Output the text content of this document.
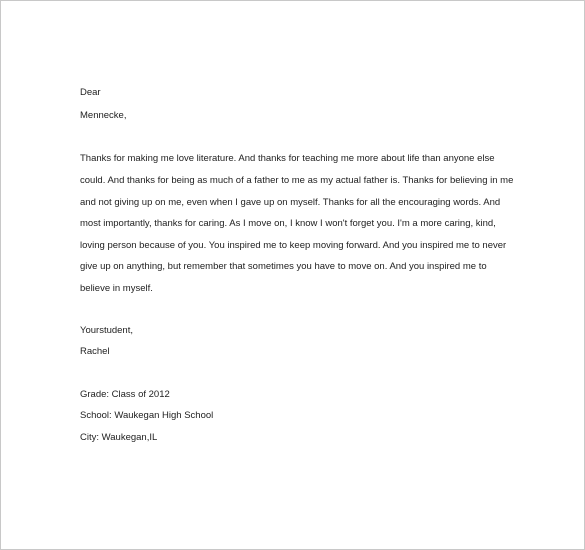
Dear
Mennecke,
Thanks for making me love literature. And thanks for teaching me more about life than anyone else
could. And thanks for being as much of a father to me as my actual father is. Thanks for believing in me
and not giving up on me, even when I gave up on myself. Thanks for all the encouraging words. And
most importantly, thanks for caring. As I move on, I know I won't forget you. I'm a more caring, kind,
loving person because of you. You inspired me to keep moving forward. And you inspired me to never
give up on anything, but remember that sometimes you have to move on. And you inspired me to
believe in myself.
Yourstudent,
Rachel
Grade: Class of 2012
School: Waukegan High School
City: Waukegan,IL
